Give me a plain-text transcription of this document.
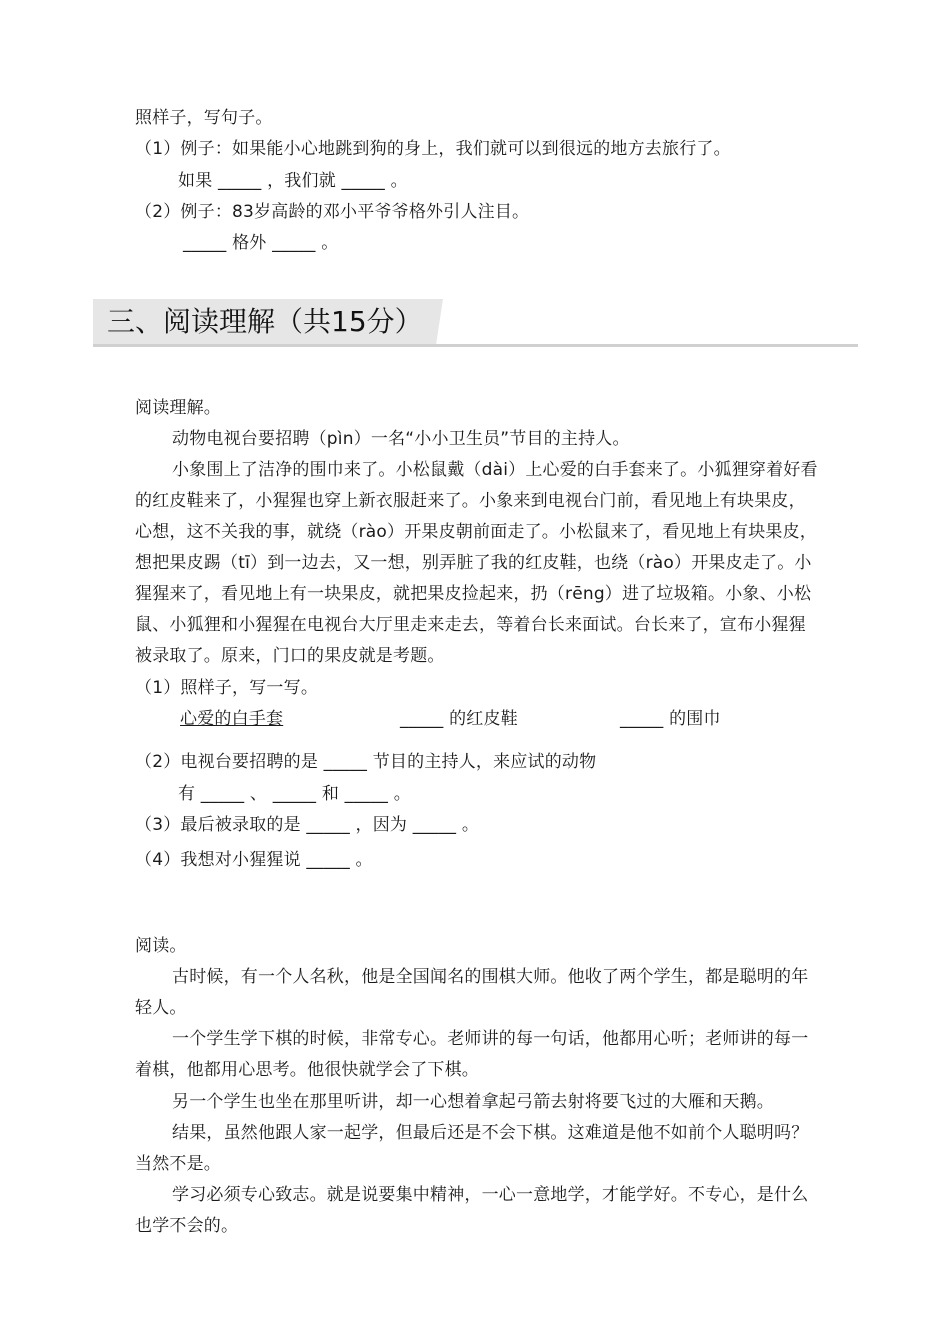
照样子，写句子。
（1）例子：如果能小心地跳到狗的身上，我们就可以到很远的地方去旅行了。
如果 _____ ，我们就 _____ 。
（2）例子：83岁高龄的邓小平爷爷格外引人注目。
_____ 格外 _____ 。
三、阅读理解（共15分）
阅读理解。
动物电视台要招聘（pìn）一名“小小卫生员”节目的主持人。
小象围上了洁净的围巾来了。小松鼠戴（dài）上心爱的白手套来了。小狐狸穿着好看
的红皮鞋来了，小猩猩也穿上新衣服赶来了。小象来到电视台门前，看见地上有块果皮，
心想，这不关我的事，就绕（rào）开果皮朝前面走了。小松鼠来了，看见地上有块果皮，
想把果皮踢（tī）到一边去，又一想，别弄脏了我的红皮鞋，也绕（rào）开果皮走了。小
猩猩来了，看见地上有一块果皮，就把果皮捡起来，扔（rēng）进了垃圾箱。小象、小松
鼠、小狐狸和小猩猩在电视台大厅里走来走去，等着台长来面试。台长来了，宣布小猩猩
被录取了。原来，门口的果皮就是考题。
（1）照样子，写一写。
心爱的白手套	_____ 的红皮鞋	_____ 的围巾
（2）电视台要招聘的是 _____ 节目的主持人，来应试的动物
有 _____ 、 _____ 和 _____ 。
（3）最后被录取的是 _____ ，因为 _____ 。
（4）我想对小猩猩说 _____ 。
阅读。
古时候，有一个人名秋，他是全国闻名的围棋大师。他收了两个学生，都是聪明的年
轻人。
一个学生学下棋的时候，非常专心。老师讲的每一句话，他都用心听；老师讲的每一
着棋，他都用心思考。他很快就学会了下棋。
另一个学生也坐在那里听讲，却一心想着拿起弓箭去射将要飞过的大雁和天鹅。
结果，虽然他跟人家一起学，但最后还是不会下棋。这难道是他不如前个人聪明吗？
当然不是。
学习必须专心致志。就是说要集中精神，一心一意地学，才能学好。不专心，是什么
也学不会的。
